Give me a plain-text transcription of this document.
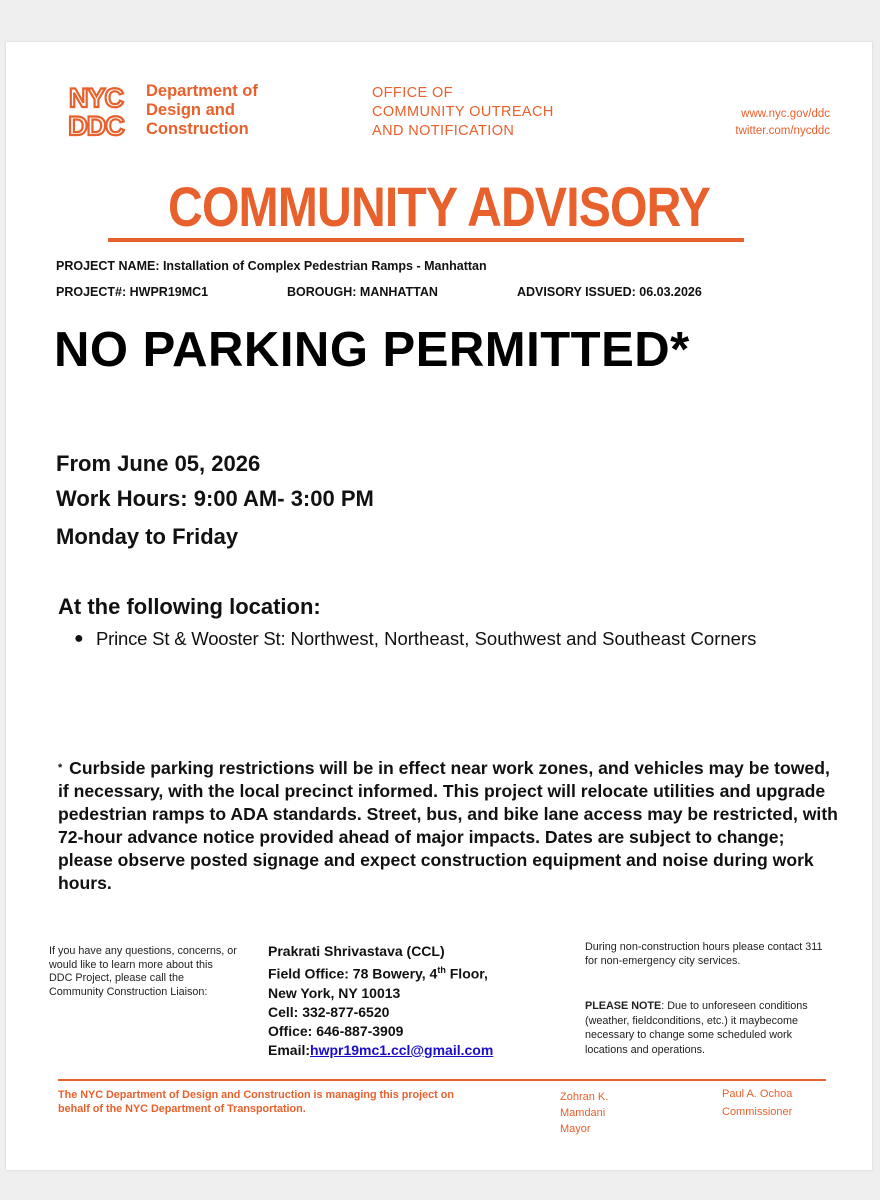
NYC
DDC
Department of
Design and
Construction
OFFICE OF
COMMUNITY OUTREACH
AND NOTIFICATION
www.nyc.gov/ddc
twitter.com/nycddc
COMMUNITY ADVISORY
PROJECT NAME: Installation of Complex Pedestrian Ramps - Manhattan
PROJECT#: HWPR19MC1	BOROUGH: MANHATTAN	ADVISORY ISSUED: 06.03.2026
NO PARKING PERMITTED*
From June 05, 2026
Work Hours: 9:00 AM- 3:00 PM
Monday to Friday
At the following location:
● Prince St & Wooster St: Northwest, Northeast, Southwest and Southeast Corners
* Curbside parking restrictions will be in effect near work zones, and vehicles may be towed, if necessary, with the local precinct informed. This project will relocate utilities and upgrade pedestrian ramps to ADA standards. Street, bus, and bike lane access may be restricted, with 72-hour advance notice provided ahead of major impacts. Dates are subject to change; please observe posted signage and expect construction equipment and noise during work hours.
If you have any questions, concerns, or would like to learn more about this DDC Project, please call the Community Construction Liaison:
Prakrati Shrivastava (CCL)
Field Office: 78 Bowery, 4th Floor,
New York, NY 10013
Cell: 332-877-6520
Office: 646-887-3909
Email:hwpr19mc1.ccl@gmail.com
During non-construction hours please contact 311 for non-emergency city services.
PLEASE NOTE: Due to unforeseen conditions (weather, fieldconditions, etc.) it maybecome necessary to change some scheduled work locations and operations.
The NYC Department of Design and Construction is managing this project on behalf of the NYC Department of Transportation.
Zohran K.
Mamdani
Mayor
Paul A. Ochoa
Commissioner
